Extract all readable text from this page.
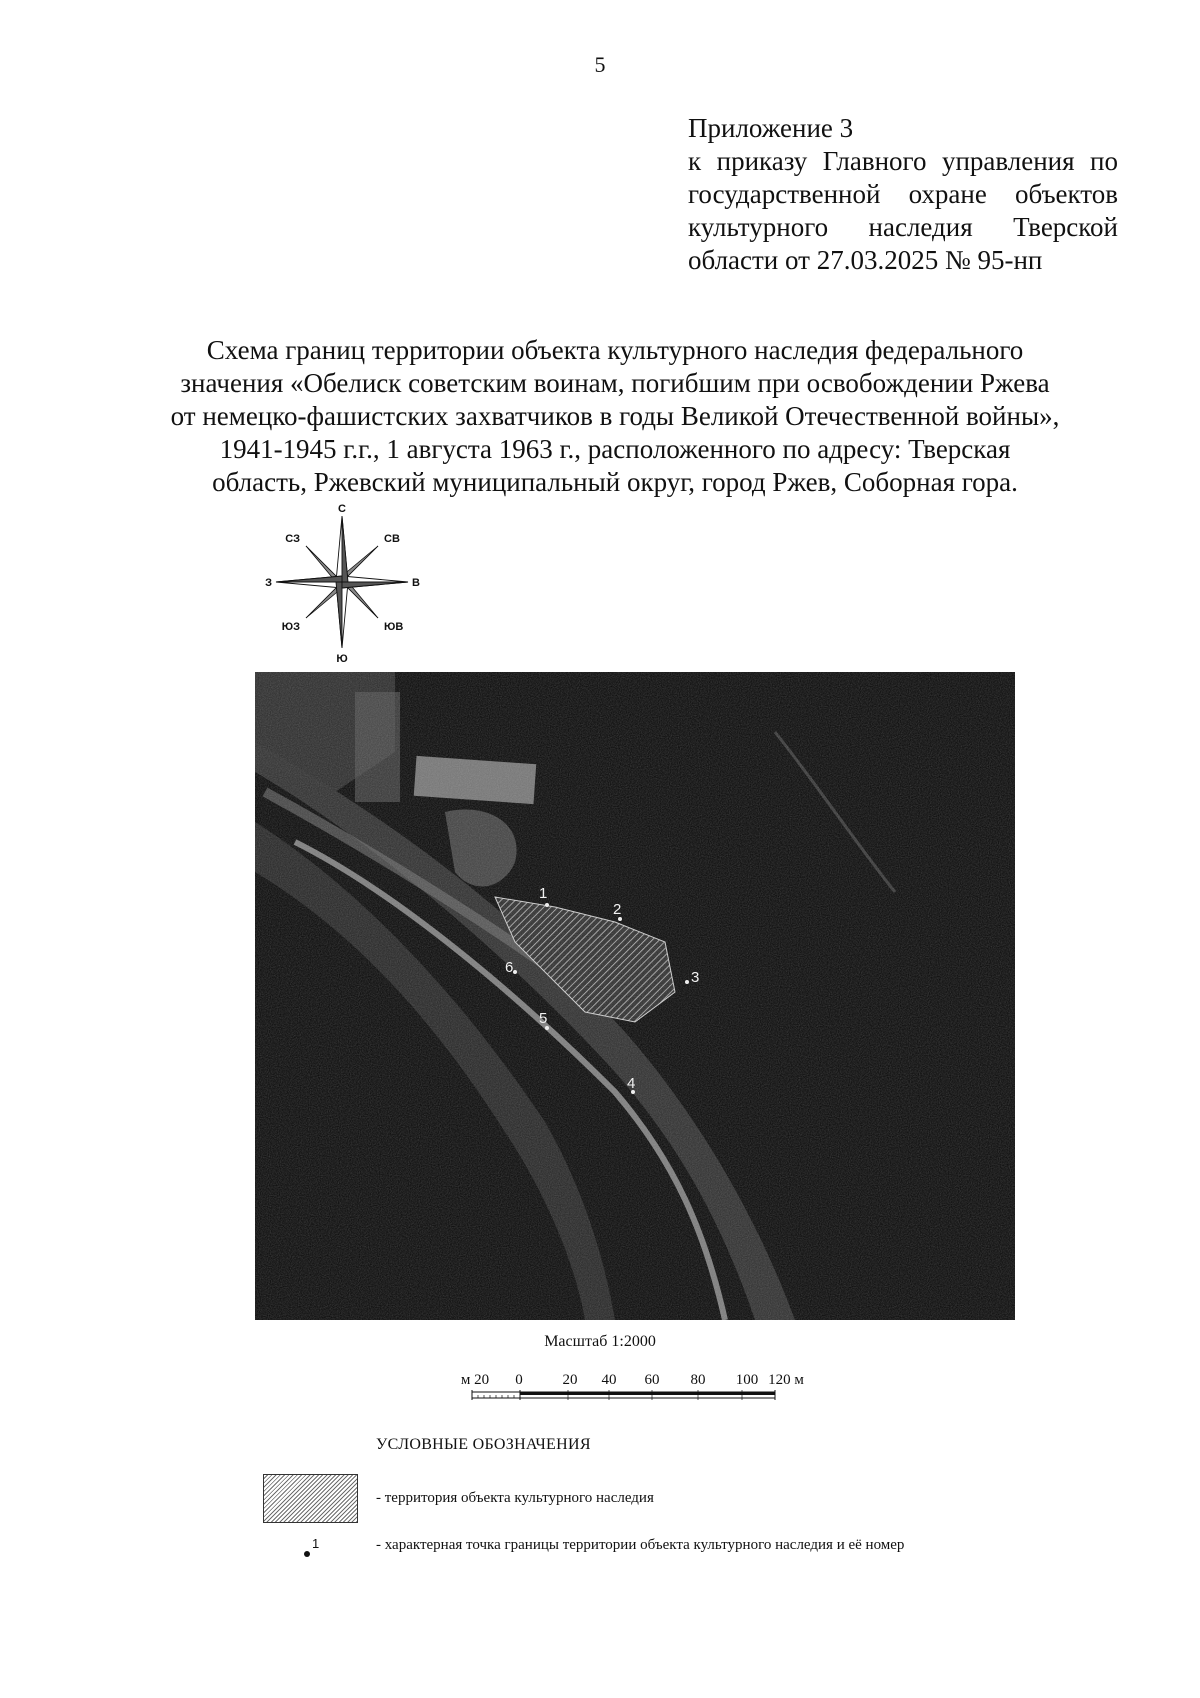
5
Приложение 3
к приказу Главного управления по
государственной охране объектов
культурного наследия Тверской
области от 27.03.2025 № 95-нп
Схема границ территории объекта культурного наследия федерального
значения «Обелиск советским воинам, погибшим при освобождении Ржева
от немецко-фашистских захватчиков в годы Великой Отечественной войны»,
1941-1945 г.г., 1 августа 1963 г., расположенного по адресу: Тверская
область, Ржевский муниципальный округ, город Ржев, Соборная гора.
С
СВ
В
ЮВ
Ю
ЮЗ
З
СЗ
1
2
3
4
5
6
Масштаб 1:2000
м 20 0	20 40 60 80 100 120 м
УСЛОВНЫЕ ОБОЗНАЧЕНИЯ
- территория объекта культурного наследия
1	- характерная точка границы территории объекта культурного наследия и её номер
